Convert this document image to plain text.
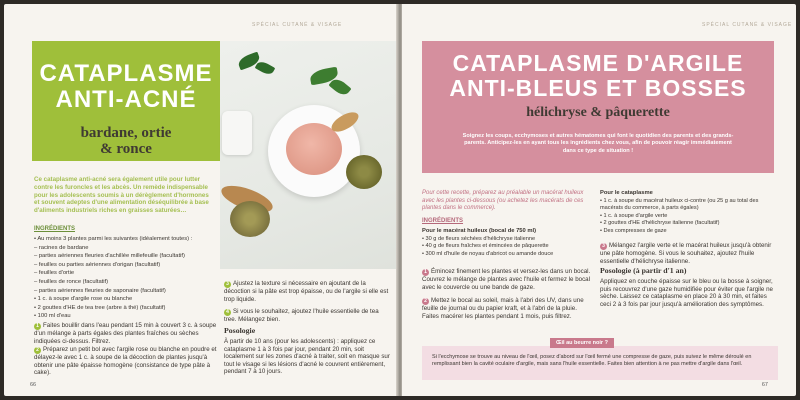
SPÉCIAL CUTANÉ & VISAGE
CATAPLASME
ANTI-ACNÉ
bardane, ortie
& ronce
Ce cataplasme anti-acné sera également utile pour lutter contre les furoncles et les abcès. Un remède indispensable pour les adolescents soumis à un dérèglement d'hormones et souvent adeptes d'une alimentation déséquilibrée à base d'aliments industriels riches en graisses saturées…
INGRÉDIENTS
• Au moins 3 plantes parmi les suivantes (idéalement toutes) :
– racines de bardane
– parties aériennes fleuries d'achillée millefeuille (facultatif)
– feuilles ou parties aériennes d'origan (facultatif)
– feuilles d'ortie
– feuilles de ronce (facultatif)
– parties aériennes fleuries de saponaire (facultatif)
• 1 c. à soupe d'argile rose ou blanche
• 2 gouttes d'HE de tea tree (arbre à thé) (facultatif)
• 100 ml d'eau
1 Faites bouillir dans l'eau pendant 15 min à couvert 3 c. à soupe d'un mélange à parts égales des plantes fraîches ou sèches indiquées ci-dessus. Filtrez.
2 Préparez un petit bol avec l'argile rose ou blanche en poudre et délayez-le avec 1 c. à soupe de la décoction de plantes jusqu'à obtenir une pâte épaisse homogène (consistance de type pâte à cake).
3 Ajustez la texture si nécessaire en ajoutant de la décoction si la pâte est trop épaisse, ou de l'argile si elle est trop liquide.
4 Si vous le souhaitez, ajoutez l'huile essentielle de tea tree. Mélangez bien.
Posologie
À partir de 10 ans (pour les adolescents) : appliquez ce cataplasme 1 à 3 fois par jour, pendant 20 min, soit localement sur les zones d'acné à traiter, soit en masque sur tout le visage si les lésions d'acné le couvrent entièrement, pendant 7 à 10 jours.
66
SPÉCIAL CUTANÉ & VISAGE
CATAPLASME D'ARGILE
ANTI-BLEUS ET BOSSES
hélichryse & pâquerette
Soignez les coups, ecchymoses et autres hématomes qui font le quotidien des parents et des grands-parents. Anticipez-les en ayant tous les ingrédients chez vous, afin de pouvoir réagir immédiatement dans ce type de situation !
Pour cette recette, préparez au préalable un macérat huileux avec les plantes ci-dessous (ou achetez les macérats de ces plantes dans le commerce).
INGRÉDIENTS
Pour le macérat huileux (bocal de 750 ml)
• 30 g de fleurs séchées d'hélichryse italienne
• 40 g de fleurs fraîches et émincées de pâquerette
• 300 ml d'huile de noyau d'abricot ou amande douce
1 Émincez finement les plantes et versez-les dans un bocal. Couvrez le mélange de plantes avec l'huile et fermez le bocal avec le couvercle ou une bande de gaze.
2 Mettez le bocal au soleil, mais à l'abri des UV, dans une feuille de journal ou du papier kraft, et à l'abri de la pluie. Faites macérer les plantes pendant 1 mois, puis filtrez.
Pour le cataplasme
• 1 c. à soupe du macérat huileux ci-contre (ou 25 g au total des macérats du commerce, à parts égales)
• 1 c. à soupe d'argile verte
• 2 gouttes d'HE d'hélichryse italienne (facultatif)
• Des compresses de gaze
3 Mélangez l'argile verte et le macérat huileux jusqu'à obtenir une pâte homogène. Si vous le souhaitez, ajoutez l'huile essentielle d'hélichryse italienne.
Posologie (à partir d'1 an)
Appliquez en couche épaisse sur le bleu ou la bosse à soigner, puis recouvrez d'une gaze humidifiée pour éviter que l'argile ne sèche. Laissez ce cataplasme en place 20 à 30 min, et faites ceci 2 à 3 fois par jour jusqu'à amélioration des symptômes.
Œil au beurre noir ?
Si l'ecchymose se trouve au niveau de l'œil, posez d'abord sur l'œil fermé une compresse de gaze, puis suivez le même déroulé en remplissant bien la cavité oculaire d'argile, mais sans l'huile essentielle. Faites bien attention à ne pas mettre d'argile dans l'œil.
67
